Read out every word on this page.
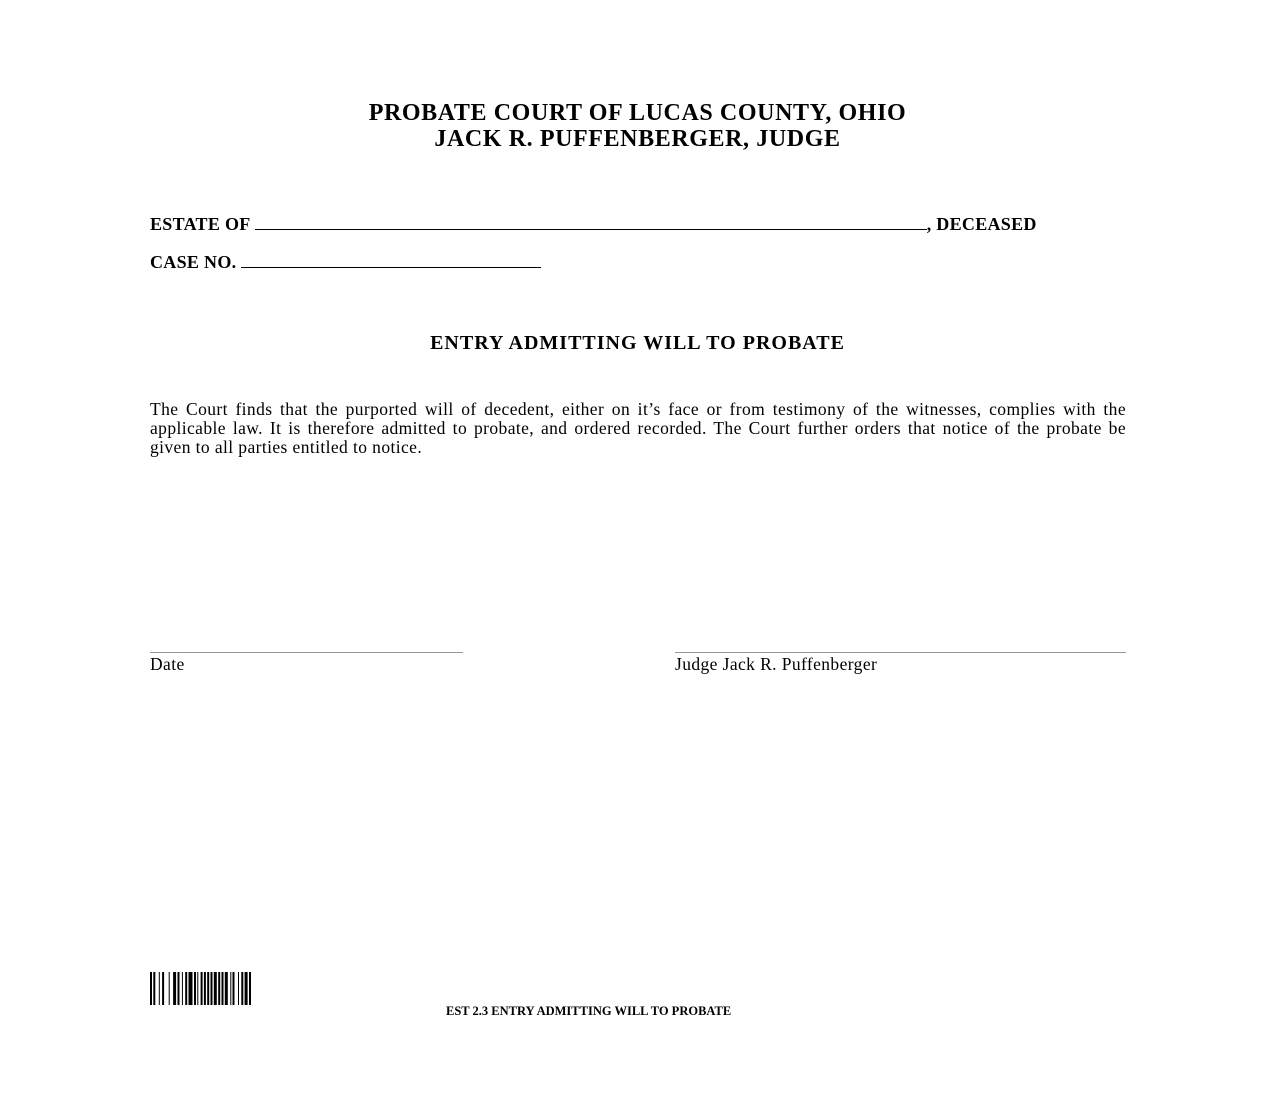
PROBATE COURT OF LUCAS COUNTY, OHIO
JACK R. PUFFENBERGER, JUDGE
ESTATE OF	, DECEASED
CASE NO.
ENTRY ADMITTING WILL TO PROBATE
The Court finds that the purported will of decedent, either on it’s face or from testimony of the witnesses, complies with the applicable law. It is therefore admitted to probate, and ordered recorded. The Court further orders that notice of the probate be given to all parties entitled to notice.
Date	Judge Jack R. Puffenberger
EST 2.3 ENTRY ADMITTING WILL TO PROBATE
